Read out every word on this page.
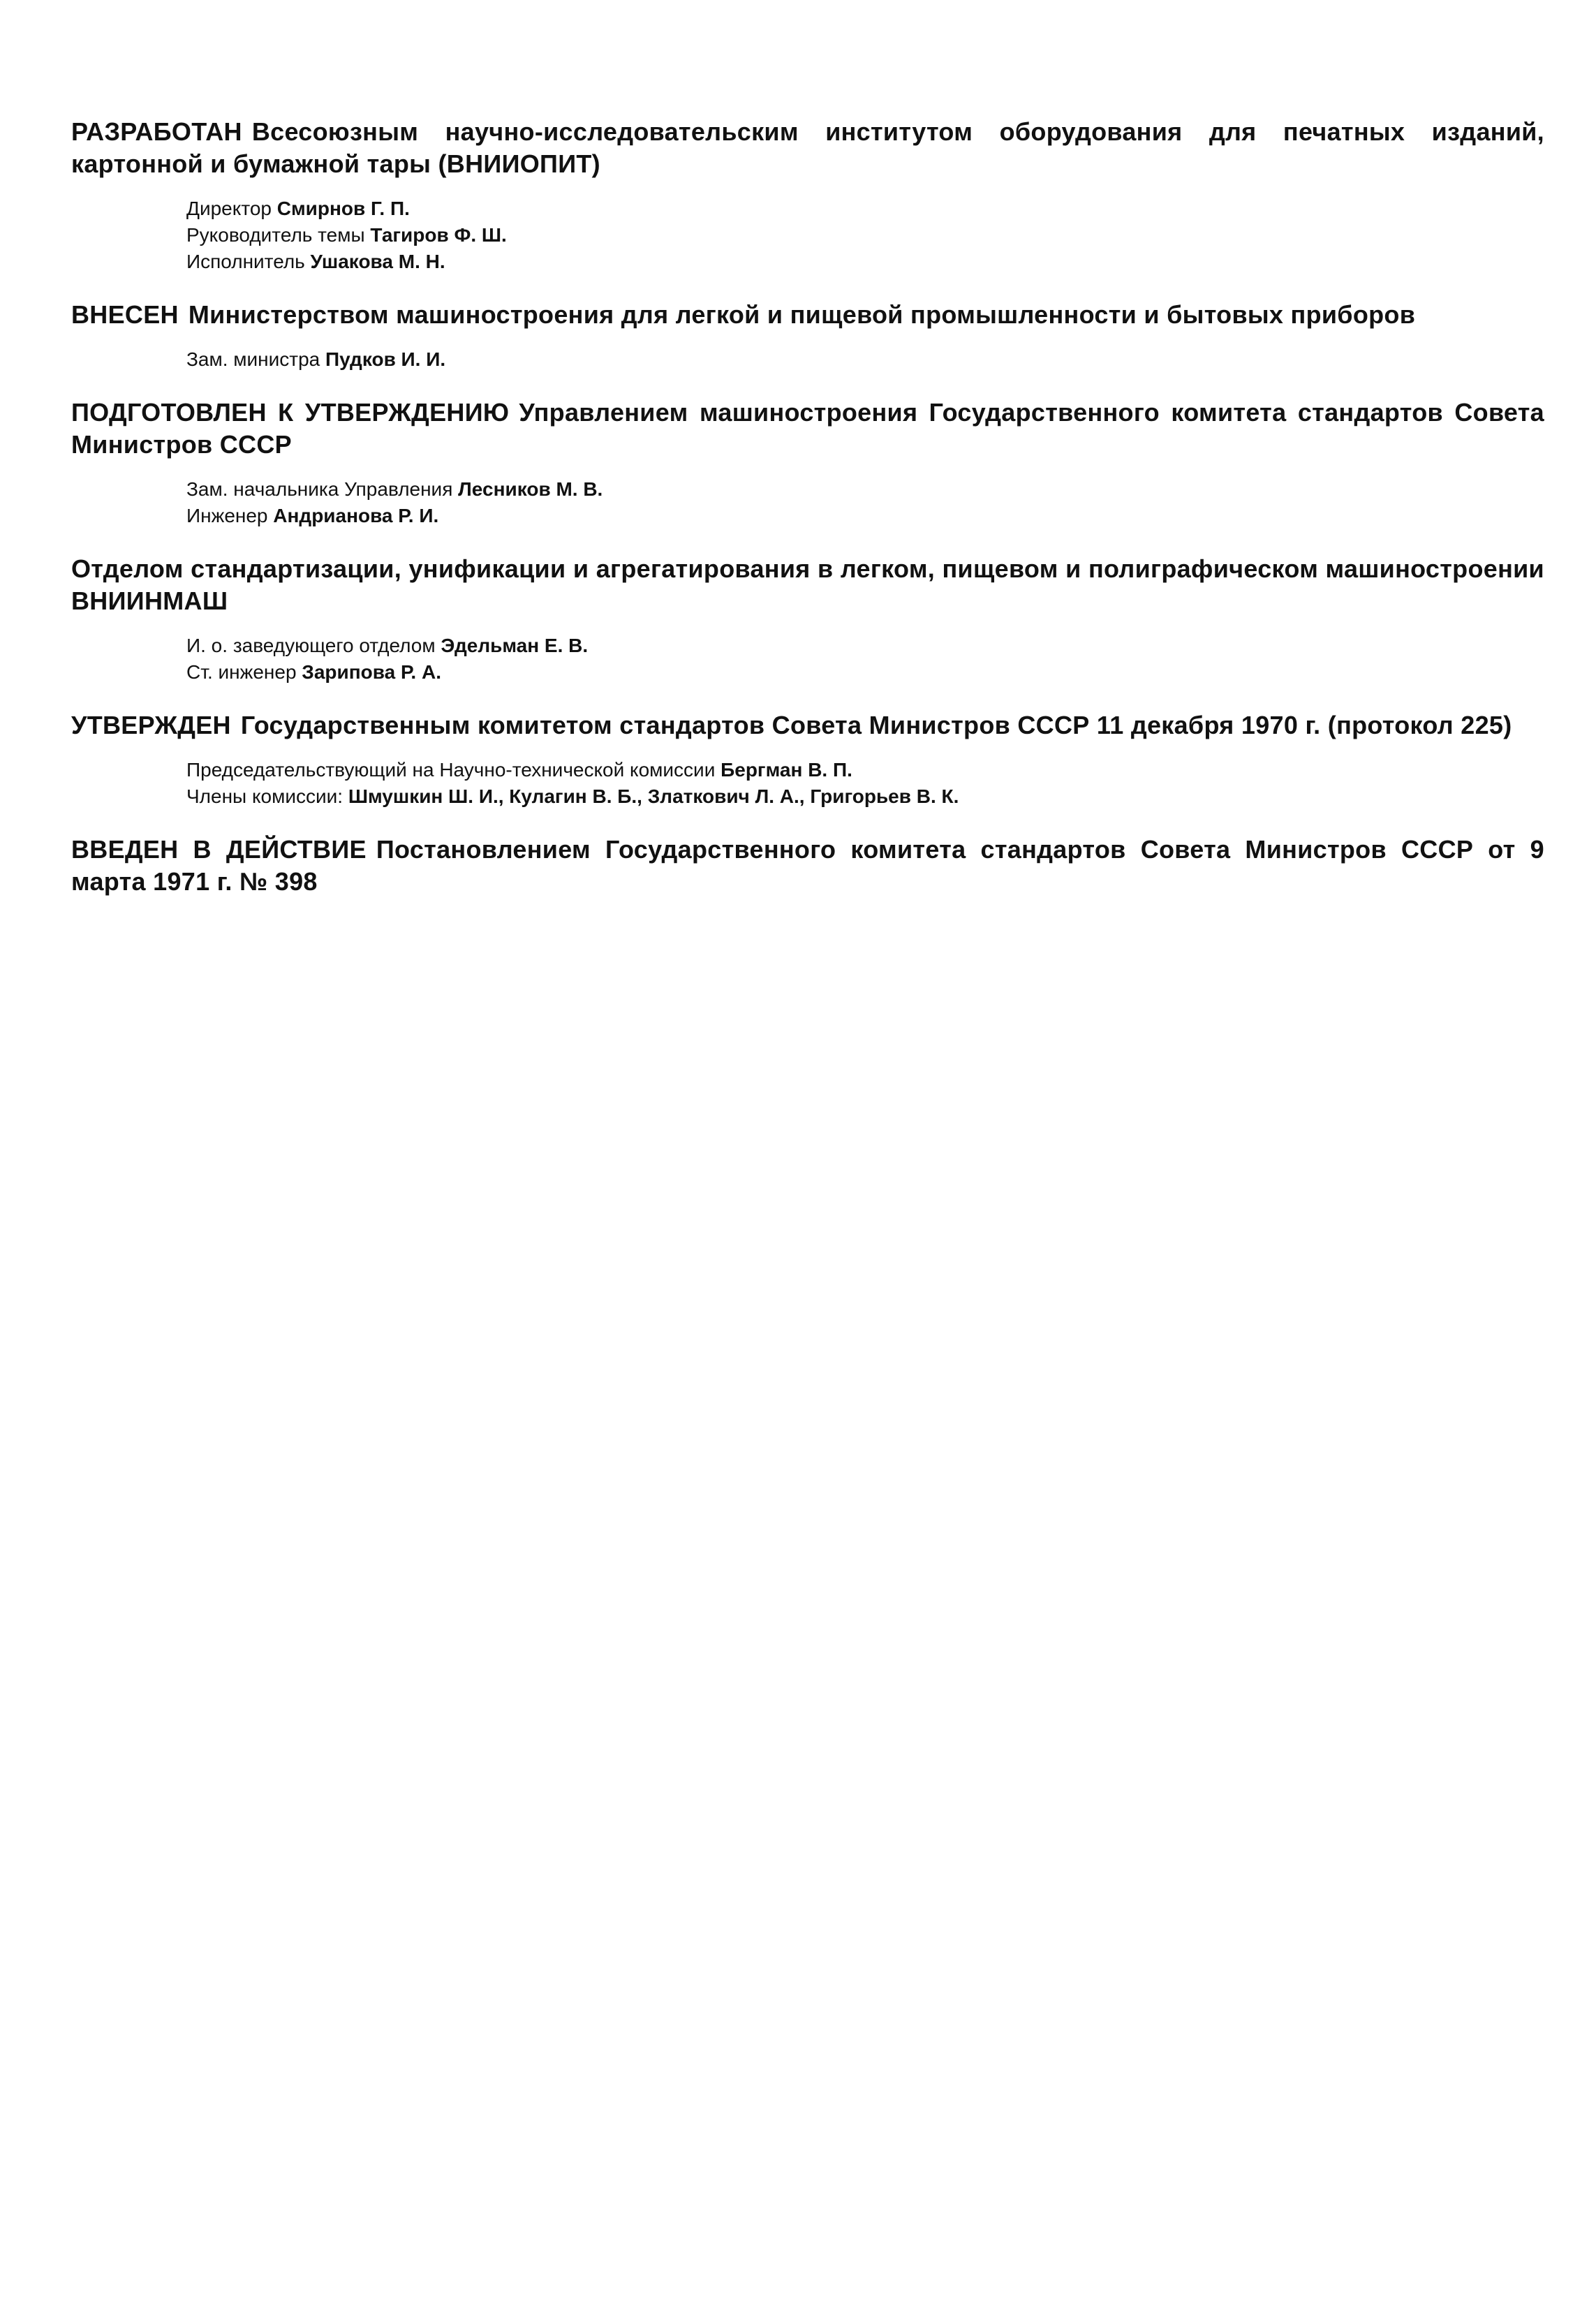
РАЗРАБОТАН Всесоюзным научно-исследовательским институтом оборудования для печатных изданий, картонной и бумажной тары (ВНИИОПИТ)

Директор Смирнов Г. П.
Руководитель темы Тагиров Ф. Ш.
Исполнитель Ушакова М. Н.

ВНЕСЕН Министерством машиностроения для легкой и пищевой промышленности и бытовых приборов

Зам. министра Пудков И. И.

ПОДГОТОВЛЕН К УТВЕРЖДЕНИЮ Управлением машиностроения Государственного комитета стандартов Совета Министров СССР

Зам. начальника Управления Лесников М. В.
Инженер Андрианова Р. И.

Отделом стандартизации, унификации и агрегатирования в легком, пищевом и полиграфическом машиностроении ВНИИНМАШ

И. о. заведующего отделом Эдельман Е. В.
Ст. инженер Зарипова Р. А.

УТВЕРЖДЕН Государственным комитетом стандартов Совета Министров СССР 11 декабря 1970 г. (протокол 225)

Председательствующий на Научно-технической комиссии Бергман В. П.
Члены комиссии: Шмушкин Ш. И., Кулагин В. Б., Златкович Л. А., Григорьев В. К.

ВВЕДЕН В ДЕЙСТВИЕ Постановлением Государственного комитета стандартов Совета Министров СССР от 9 марта 1971 г. № 398
